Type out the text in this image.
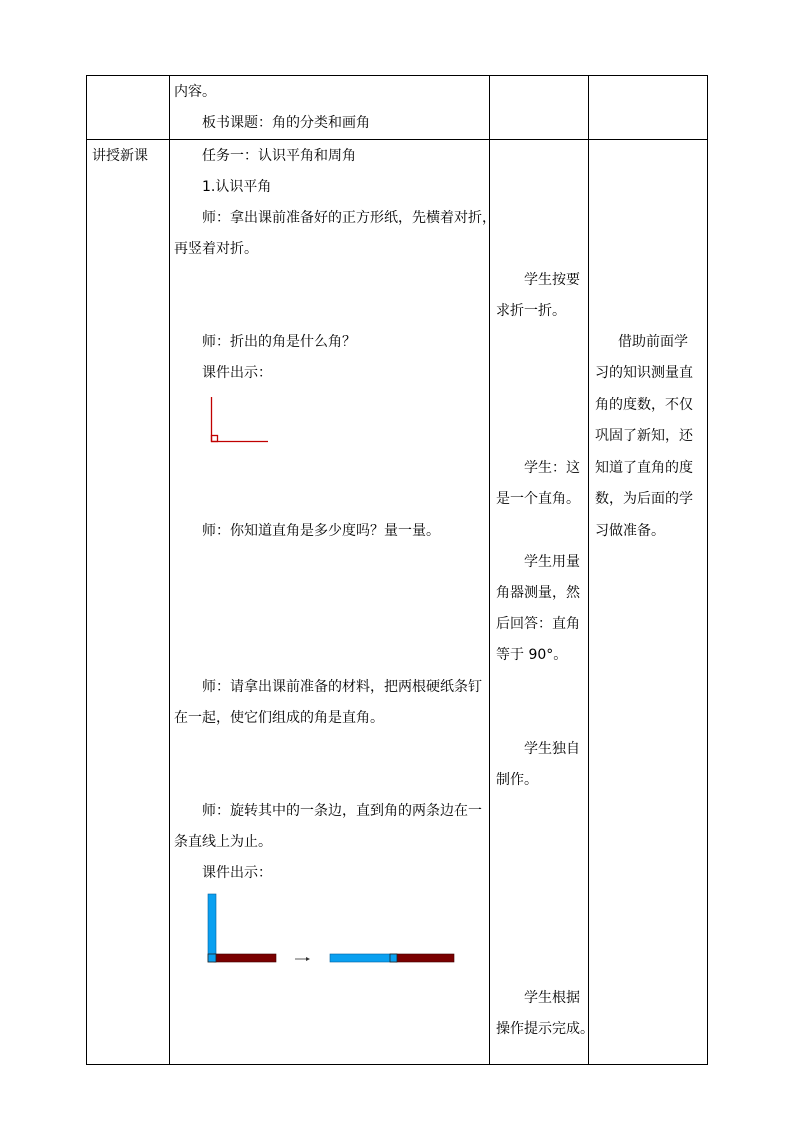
内容。
板书课题：角的分类和画角
讲授新课	任务一：认识平角和周角
1.认识平角
师：拿出课前准备好的正方形纸，先横着对折，
再竖着对折。
师：折出的角是什么角？
课件出示：
师：你知道直角是多少度吗？量一量。
师：请拿出课前准备的材料，把两根硬纸条钉
在一起，使它们组成的角是直角。
师：旋转其中的一条边，直到角的两条边在一
条直线上为止。
课件出示：
学生按要
求折一折。
学生：这
是一个直角。
学生用量
角器测量，然
后回答：直角
等于 90°。
学生独自
制作。
学生根据
操作提示完成。
借助前面学
习的知识测量直
角的度数，不仅
巩固了新知，还
知道了直角的度
数，为后面的学
习做准备。
